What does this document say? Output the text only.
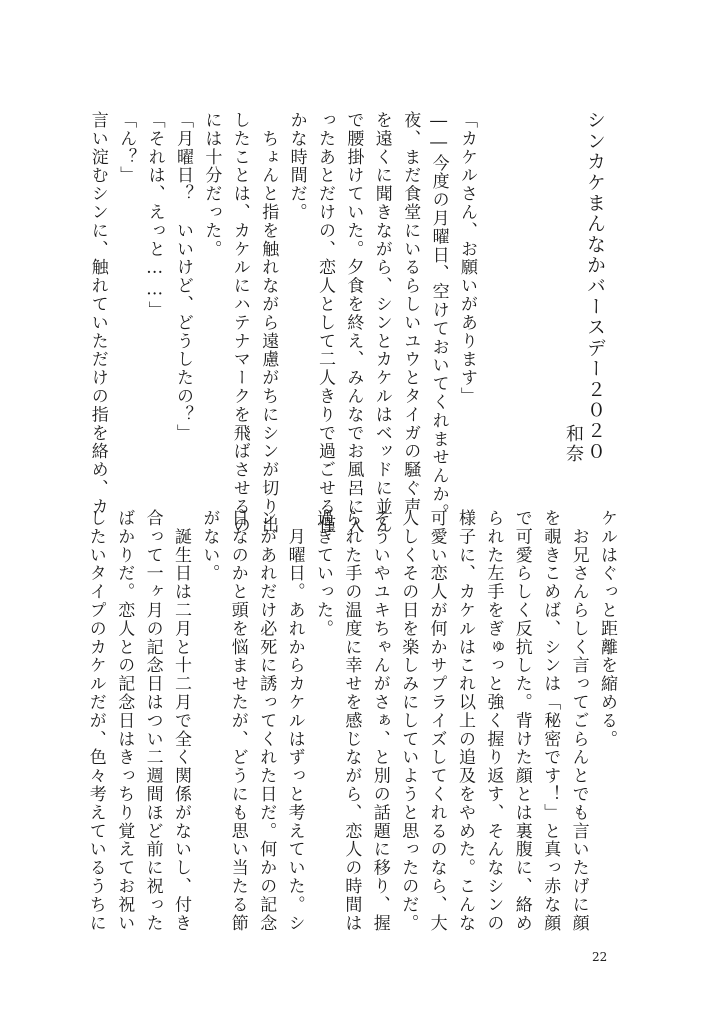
シンカケまんなかバースデー２０２０
和奈
「カケルさん、お願いがあります」
――今度の月曜日、空けておいてくれませんか。
夜、まだ食堂にいるらしいユウとタイガの騒ぐ声
を遠くに聞きながら、シンとカケルはベッドに並ん
で腰掛けていた。夕食を終え、みんなでお風呂に入
ったあとだけの、恋人として二人きりで過ごせる僅
かな時間だ。
　ちょんと指を触れながら遠慮がちにシンが切り出
したことは、カケルにハテナマークを飛ばさせるの
には十分だった。
「月曜日？　いいけど、どうしたの？」
「それは、えっと……」
「ん？」
言い淀むシンに、触れていただけの指を絡め、カ
ケルはぐっと距離を縮める。
　お兄さんらしく言ってごらんとでも言いたげに顔
を覗きこめば、シンは「秘密です！」と真っ赤な顔
で可愛らしく反抗した。背けた顔とは裏腹に、絡め
られた左手をぎゅっと強く握り返す、そんなシンの
様子に、カケルはこれ以上の追及をやめた。こんな
可愛い恋人が何かサプライズしてくれるのなら、大
人しくその日を楽しみにしていようと思ったのだ。
そういやユキちゃんがさぁ、と別の話題に移り、握
られた手の温度に幸せを感じながら、恋人の時間は
過ぎていった。
　月曜日。あれからカケルはずっと考えていた。シ
ンがあれだけ必死に誘ってくれた日だ。何かの記念
日なのかと頭を悩ませたが、どうにも思い当たる節
がない。
　誕生日は二月と十二月で全く関係がないし、付き
合って一ヶ月の記念日はつい二週間ほど前に祝った
ばかりだ。恋人との記念日はきっちり覚えてお祝い
したいタイプのカケルだが、色々考えているうちに
22
